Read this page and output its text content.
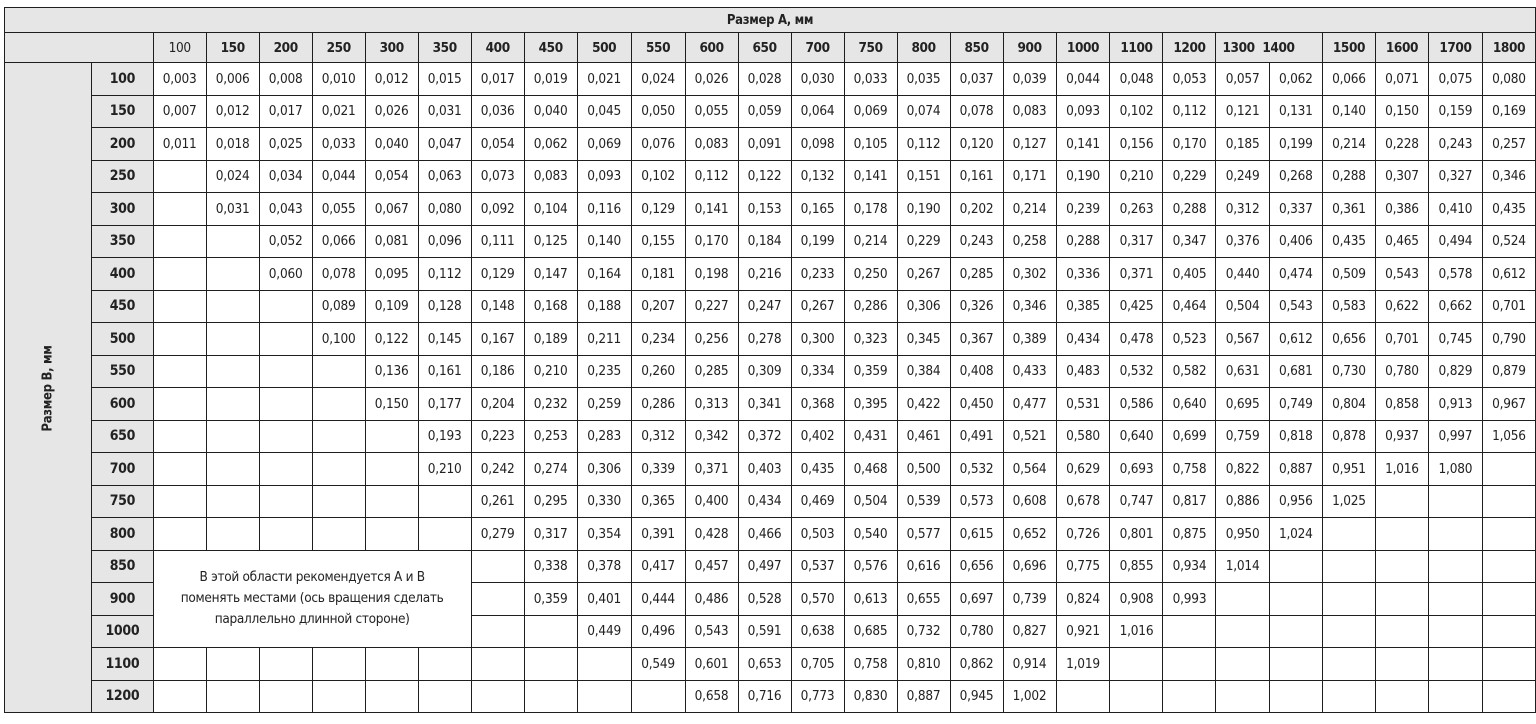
Размер А, мм																											
		100	150	200	250	300	350	400	450	500	550	600	650	700	750	800	850	900	1000	1100	1200	1300 1400		1500	1600	1700	1800
Размер В, мм	100	0,003	0,006	0,008	0,010	0,012	0,015	0,017	0,019	0,021	0,024	0,026	0,028	0,030	0,033	0,035	0,037	0,039	0,044	0,048	0,053	0,057	0,062	0,066	0,071	0,075	0,080
	150	0,007	0,012	0,017	0,021	0,026	0,031	0,036	0,040	0,045	0,050	0,055	0,059	0,064	0,069	0,074	0,078	0,083	0,093	0,102	0,112	0,121	0,131	0,140	0,150	0,159	0,169
	200	0,011	0,018	0,025	0,033	0,040	0,047	0,054	0,062	0,069	0,076	0,083	0,091	0,098	0,105	0,112	0,120	0,127	0,141	0,156	0,170	0,185	0,199	0,214	0,228	0,243	0,257
	250		0,024	0,034	0,044	0,054	0,063	0,073	0,083	0,093	0,102	0,112	0,122	0,132	0,141	0,151	0,161	0,171	0,190	0,210	0,229	0,249	0,268	0,288	0,307	0,327	0,346
	300		0,031	0,043	0,055	0,067	0,080	0,092	0,104	0,116	0,129	0,141	0,153	0,165	0,178	0,190	0,202	0,214	0,239	0,263	0,288	0,312	0,337	0,361	0,386	0,410	0,435
	350			0,052	0,066	0,081	0,096	0,111	0,125	0,140	0,155	0,170	0,184	0,199	0,214	0,229	0,243	0,258	0,288	0,317	0,347	0,376	0,406	0,435	0,465	0,494	0,524
	400			0,060	0,078	0,095	0,112	0,129	0,147	0,164	0,181	0,198	0,216	0,233	0,250	0,267	0,285	0,302	0,336	0,371	0,405	0,440	0,474	0,509	0,543	0,578	0,612
	450				0,089	0,109	0,128	0,148	0,168	0,188	0,207	0,227	0,247	0,267	0,286	0,306	0,326	0,346	0,385	0,425	0,464	0,504	0,543	0,583	0,622	0,662	0,701
	500				0,100	0,122	0,145	0,167	0,189	0,211	0,234	0,256	0,278	0,300	0,323	0,345	0,367	0,389	0,434	0,478	0,523	0,567	0,612	0,656	0,701	0,745	0,790
	550					0,136	0,161	0,186	0,210	0,235	0,260	0,285	0,309	0,334	0,359	0,384	0,408	0,433	0,483	0,532	0,582	0,631	0,681	0,730	0,780	0,829	0,879
	600					0,150	0,177	0,204	0,232	0,259	0,286	0,313	0,341	0,368	0,395	0,422	0,450	0,477	0,531	0,586	0,640	0,695	0,749	0,804	0,858	0,913	0,967
	650						0,193	0,223	0,253	0,283	0,312	0,342	0,372	0,402	0,431	0,461	0,491	0,521	0,580	0,640	0,699	0,759	0,818	0,878	0,937	0,997	1,056
	700						0,210	0,242	0,274	0,306	0,339	0,371	0,403	0,435	0,468	0,500	0,532	0,564	0,629	0,693	0,758	0,822	0,887	0,951	1,016	1,080	
	750							0,261	0,295	0,330	0,365	0,400	0,434	0,469	0,504	0,539	0,573	0,608	0,678	0,747	0,817	0,886	0,956	1,025			
	800							0,279	0,317	0,354	0,391	0,428	0,466	0,503	0,540	0,577	0,615	0,652	0,726	0,801	0,875	0,950	1,024				
	850	В этой области рекомендуется А и В
поменять местами (ось вращения сделать
параллельно длинной стороне)							0,338	0,378	0,417	0,457	0,497	0,537	0,576	0,616	0,656	0,696	0,775	0,855	0,934	1,014					
	900								0,359	0,401	0,444	0,486	0,528	0,570	0,613	0,655	0,697	0,739	0,824	0,908	0,993						
	1000									0,449	0,496	0,543	0,591	0,638	0,685	0,732	0,780	0,827	0,921	1,016							
	1100										0,549	0,601	0,653	0,705	0,758	0,810	0,862	0,914	1,019								
	1200											0,658	0,716	0,773	0,830	0,887	0,945	1,002									
